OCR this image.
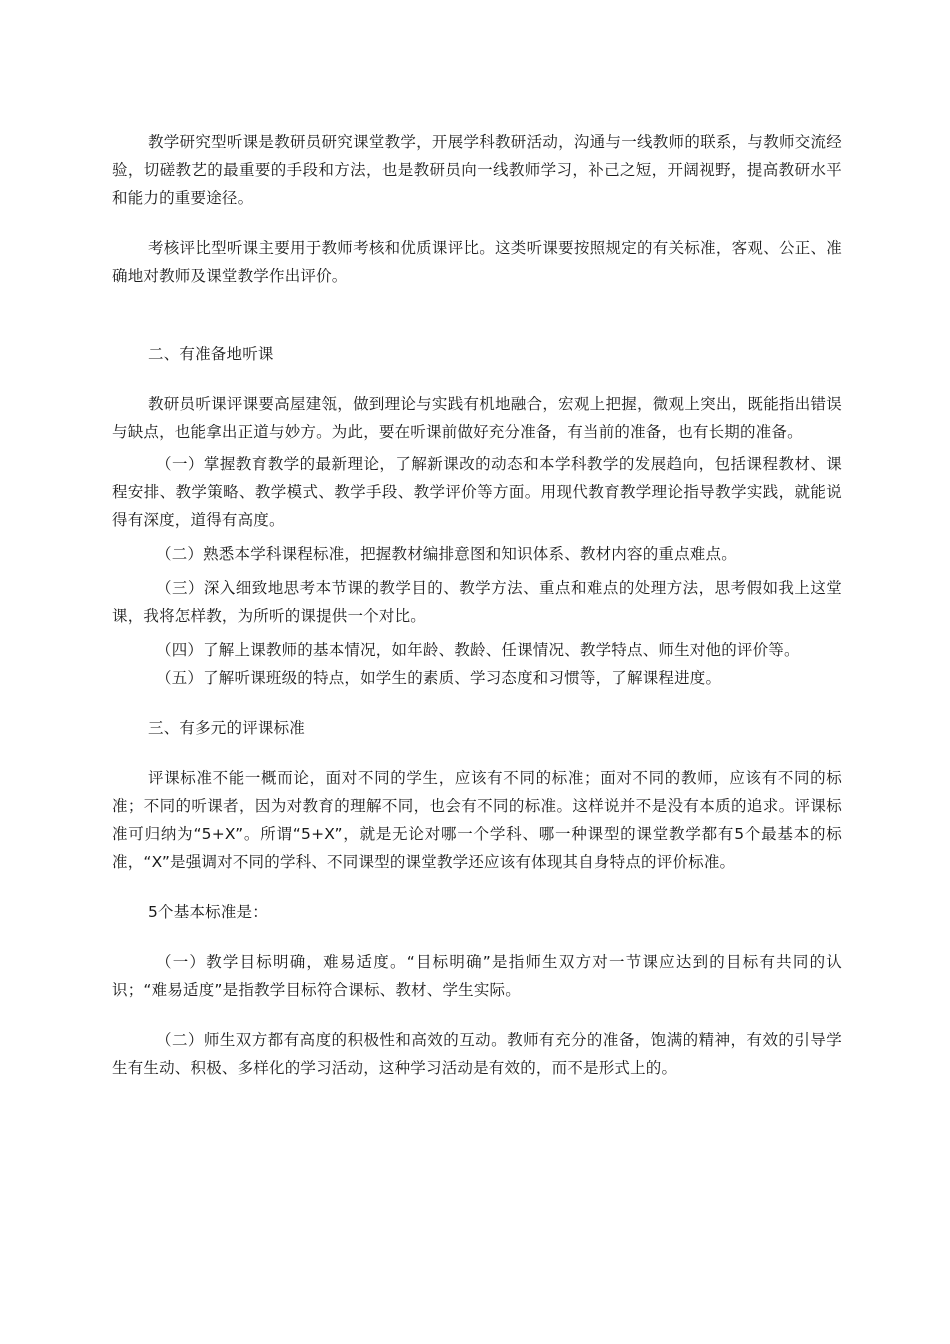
教学研究型听课是教研员研究课堂教学，开展学科教研活动，沟通与一线教师的联系，与教师交流经验，切磋教艺的最重要的手段和方法，也是教研员向一线教师学习，补己之短，开阔视野，提高教研水平和能力的重要途径。

考核评比型听课主要用于教师考核和优质课评比。这类听课要按照规定的有关标准，客观、公正、准确地对教师及课堂教学作出评价。

二、有准备地听课

教研员听课评课要高屋建瓴，做到理论与实践有机地融合，宏观上把握，微观上突出，既能指出错误与缺点，也能拿出正道与妙方。为此，要在听课前做好充分准备，有当前的准备，也有长期的准备。

（一）掌握教育教学的最新理论，了解新课改的动态和本学科教学的发展趋向，包括课程教材、课程安排、教学策略、教学模式、教学手段、教学评价等方面。用现代教育教学理论指导教学实践，就能说得有深度，道得有高度。

（二）熟悉本学科课程标准，把握教材编排意图和知识体系、教材内容的重点难点。

（三）深入细致地思考本节课的教学目的、教学方法、重点和难点的处理方法，思考假如我上这堂课，我将怎样教，为所听的课提供一个对比。

（四）了解上课教师的基本情况，如年龄、教龄、任课情况、教学特点、师生对他的评价等。

（五）了解听课班级的特点，如学生的素质、学习态度和习惯等，了解课程进度。

三、有多元的评课标准

评课标准不能一概而论，面对不同的学生，应该有不同的标准；面对不同的教师，应该有不同的标准；不同的听课者，因为对教育的理解不同，也会有不同的标准。这样说并不是没有本质的追求。评课标准可归纳为“5+X”。所谓“5+X”，就是无论对哪一个学科、哪一种课型的课堂教学都有5个最基本的标准，“X”是强调对不同的学科、不同课型的课堂教学还应该有体现其自身特点的评价标准。

5个基本标准是：

（一）教学目标明确，难易适度。“目标明确”是指师生双方对一节课应达到的目标有共同的认识；“难易适度”是指教学目标符合课标、教材、学生实际。

（二）师生双方都有高度的积极性和高效的互动。教师有充分的准备，饱满的精神，有效的引导学生有生动、积极、多样化的学习活动，这种学习活动是有效的，而不是形式上的。
